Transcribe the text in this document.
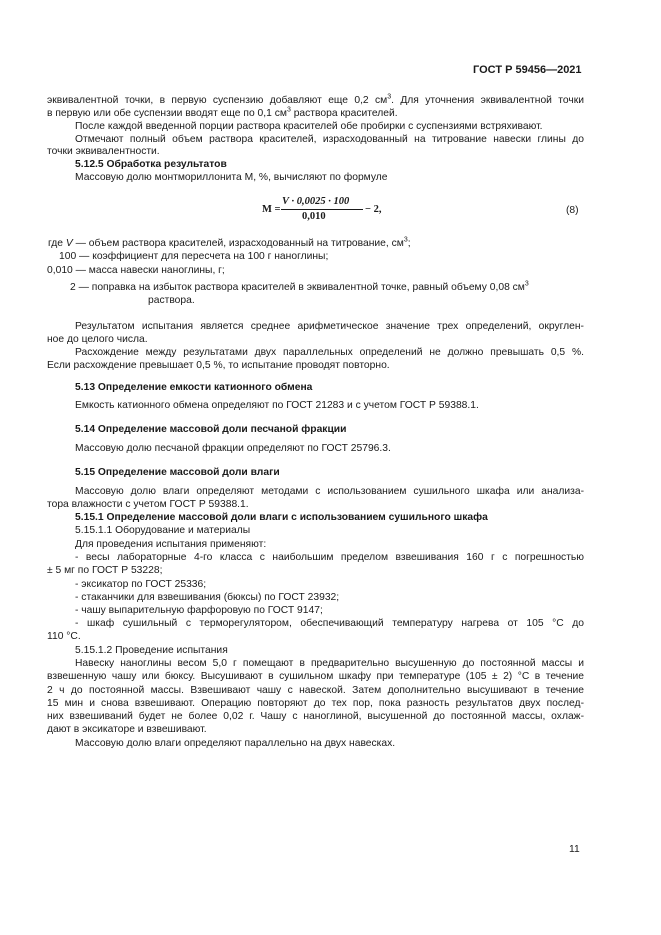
ГОСТ Р 59456—2021
эквивалентной точки, в первую суспензию добавляют еще 0,2 $см^3$. Для уточнения эквивалентной точки
в первую или обе суспензии вводят еще по 0,1 $см^3$ раствора красителей.
После каждой введенной порции раствора красителей обе пробирки с суспензиями встряхивают.
Отмечают полный объем раствора красителей, израсходованный на титрование навески глины до
точки эквивалентности.
5.12.5 Обработка результатов
Массовую долю монтмориллонита М, %, вычисляют по формуле
М =
V · 0,0025 · 100
0,010
− 2,	(8)
где V — объем раствора красителей, израсходованный на титрование, $см^3$;
100 — коэффициент для пересчета на 100 г наноглины;
0,010 — масса навески наноглины, г;
2 — поправка на избыток раствора красителей в эквивалентной точке, равный объему 0,08 $см^3$
раствора.
Результатом испытания является среднее арифметическое значение трех определений, округлен-
ное до целого числа.
Расхождение между результатами двух параллельных определений не должно превышать 0,5 %.
Если расхождение превышает 0,5 %, то испытание проводят повторно.
5.13 Определение емкости катионного обмена
Емкость катионного обмена определяют по ГОСТ 21283 и с учетом ГОСТ Р 59388.1.
5.14 Определение массовой доли песчаной фракции
Массовую долю песчаной фракции определяют по ГОСТ 25796.3.
5.15 Определение массовой доли влаги
Массовую долю влаги определяют методами с использованием сушильного шкафа или анализа-
тора влажности с учетом ГОСТ Р 59388.1.
5.15.1 Определение массовой доли влаги с использованием сушильного шкафа
5.15.1.1 Оборудование и материалы
Для проведения испытания применяют:
- весы лабораторные 4-го класса с наибольшим пределом взвешивания 160 г с погрешностью
± 5 мг по ГОСТ Р 53228;
- эксикатор по ГОСТ 25336;
- стаканчики для взвешивания (бюксы) по ГОСТ 23932;
- чашу выпарительную фарфоровую по ГОСТ 9147;
- шкаф сушильный с терморегулятором, обеспечивающий температуру нагрева от 105 °С до
110 °С.
5.15.1.2 Проведение испытания
Навеску наноглины весом 5,0 г помещают в предварительно высушенную до постоянной массы и
взвешенную чашу или бюксу. Высушивают в сушильном шкафу при температуре (105 ± 2) °С в течение
2 ч до постоянной массы. Взвешивают чашу с навеской. Затем дополнительно высушивают в течение
15 мин и снова взвешивают. Операцию повторяют до тех пор, пока разность результатов двух послед-
них взвешиваний будет не более 0,02 г. Чашу с наноглиной, высушенной до постоянной массы, охлаж-
дают в эксикаторе и взвешивают.
Массовую долю влаги определяют параллельно на двух навесках.
11
